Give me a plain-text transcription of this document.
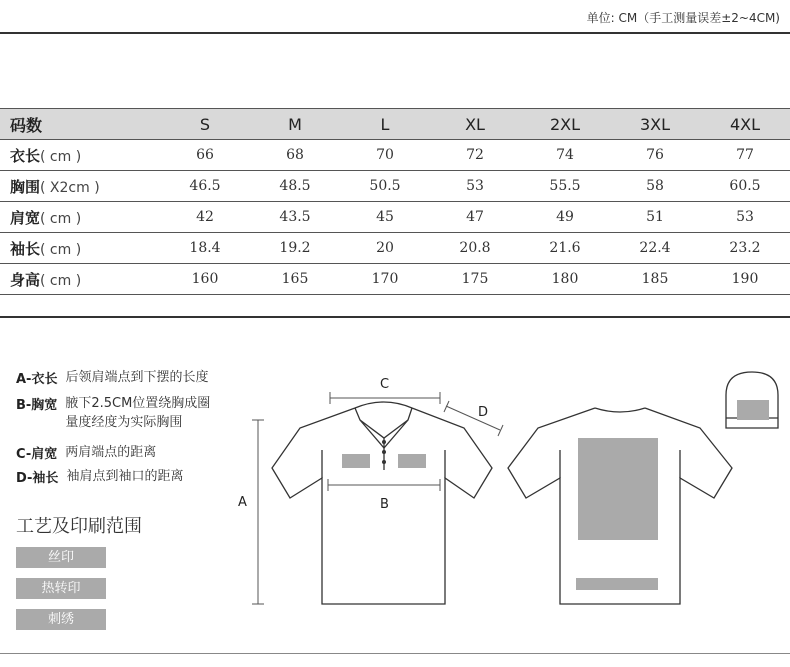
单位: CM（手工测量误差±2~4CM)
码数	S	M	L	XL	2XL	3XL	4XL
衣长( cm )	66	68	70	72	74	76	77
胸围( X2cm )	46.5	48.5	50.5	53	55.5	58	60.5
肩宽( cm )	42	43.5	45	47	49	51	53
袖长( cm )	18.4	19.2	20	20.8	21.6	22.4	23.2
身高( cm )	160	165	170	175	180	185	190
A-衣长 后领肩端点到下摆的长度
B-胸宽 腋下2.5CM位置绕胸成圈
量度经度为实际胸围
C-肩宽 两肩端点的距离
D-袖长 袖肩点到袖口的距离
工艺及印刷范围
丝印
热转印
刺绣
A	B
C
D
